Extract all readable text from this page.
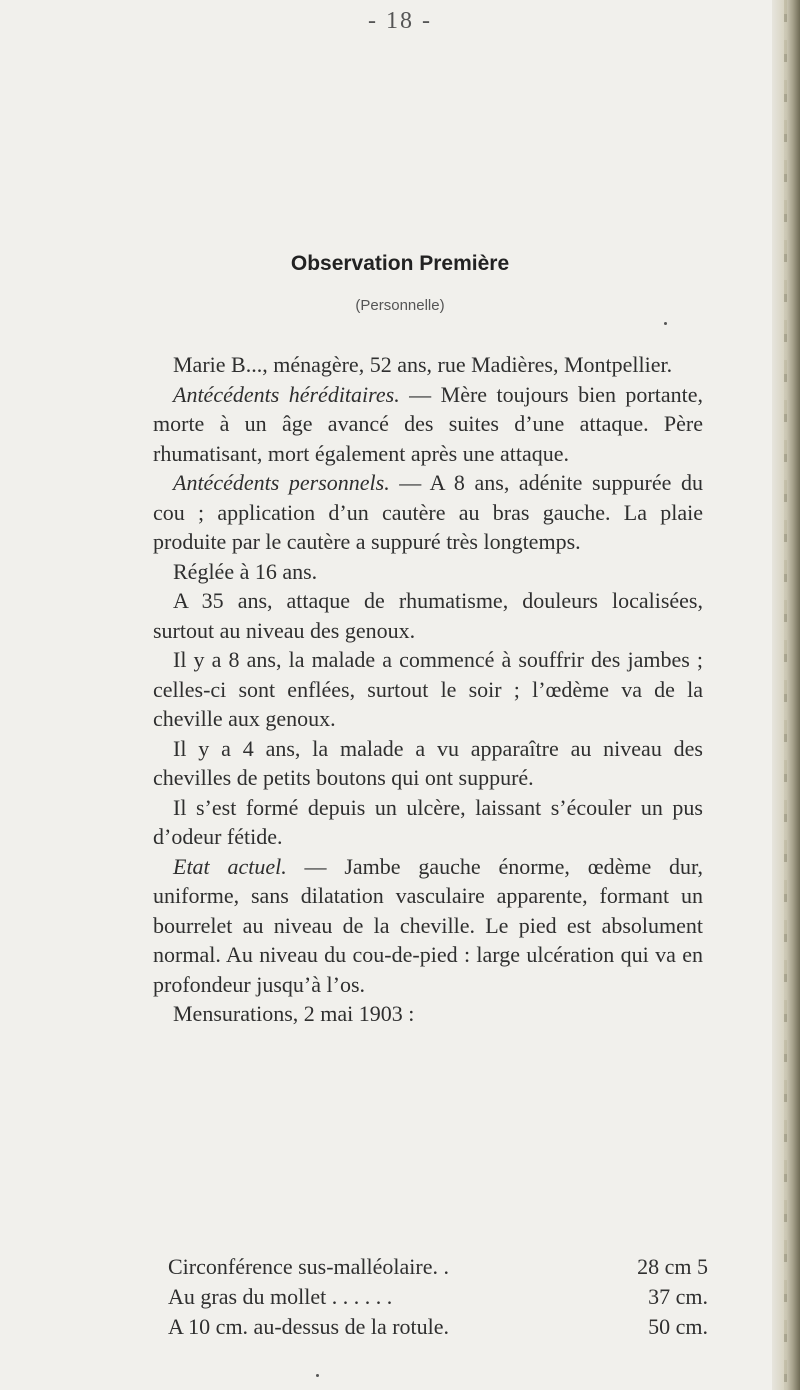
- 18 -
Observation Première
(Personnelle)

Marie B..., ménagère, 52 ans, rue Madières, Montpellier.

Antécédents héréditaires. — Mère toujours bien portante, morte à un âge avancé des suites d’une attaque. Père rhumatisant, mort également après une attaque.

Antécédents personnels. — A 8 ans, adénite suppurée du cou ; application d’un cautère au bras gauche. La plaie produite par le cautère a suppuré très longtemps.

Réglée à 16 ans.

A 35 ans, attaque de rhumatisme, douleurs localisées, surtout au niveau des genoux.

Il y a 8 ans, la malade a commencé à souffrir des jambes ; celles-ci sont enflées, surtout le soir ; l’œdème va de la cheville aux genoux.

Il y a 4 ans, la malade a vu apparaître au niveau des chevilles de petits boutons qui ont suppuré.

Il s’est formé depuis un ulcère, laissant s’écouler un pus d’odeur fétide.

Etat actuel. — Jambe gauche énorme, œdème dur, uniforme, sans dilatation vasculaire apparente, formant un bourrelet au niveau de la cheville. Le pied est absolument normal. Au niveau du cou-de-pied : large ulcération qui va en profondeur jusqu’à l’os.

Mensurations, 2 mai 1903 :

Circonférence sus-malléolaire. .	28 cm 5
Au gras du mollet . . . . . .	37 cm.
A 10 cm. au-dessus de la rotule.	50 cm.
